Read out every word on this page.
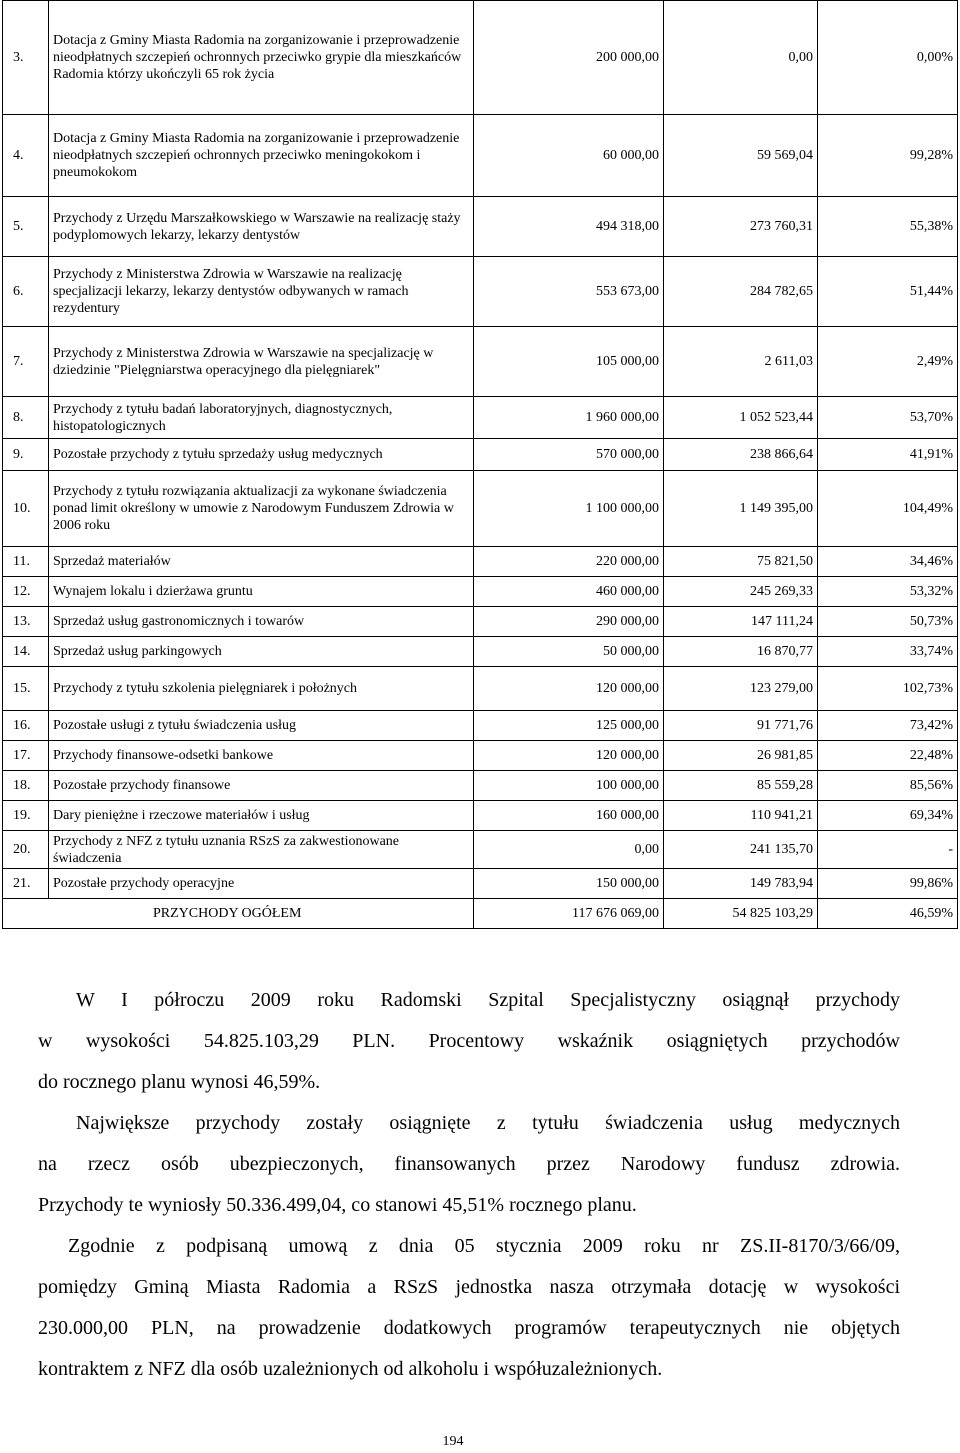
3.	Dotacja z Gminy Miasta Radomia na zorganizowanie i przeprowadzenie nieodpłatnych szczepień ochronnych przeciwko grypie dla mieszkańców Radomia którzy ukończyli 65 rok życia	200 000,00	0,00	0,00%
4.	Dotacja z Gminy Miasta Radomia na zorganizowanie i przeprowadzenie nieodpłatnych szczepień ochronnych przeciwko meningokokom i pneumokokom	60 000,00	59 569,04	99,28%
5.	Przychody z Urzędu Marszałkowskiego w Warszawie na realizację staży podyplomowych lekarzy, lekarzy dentystów	494 318,00	273 760,31	55,38%
6.	Przychody z Ministerstwa Zdrowia w Warszawie na realizację specjalizacji lekarzy, lekarzy dentystów odbywanych w ramach rezydentury	553 673,00	284 782,65	51,44%
7.	Przychody z Ministerstwa Zdrowia w Warszawie na specjalizację w dziedzinie "Pielęgniarstwa operacyjnego dla pielęgniarek"	105 000,00	2 611,03	2,49%
8.	Przychody z tytułu badań laboratoryjnych, diagnostycznych, histopatologicznych	1 960 000,00	1 052 523,44	53,70%
9.	Pozostałe przychody z tytułu sprzedaży usług medycznych	570 000,00	238 866,64	41,91%
10.	Przychody z tytułu rozwiązania aktualizacji za wykonane świadczenia ponad limit określony w umowie z Narodowym Funduszem Zdrowia w 2006 roku	1 100 000,00	1 149 395,00	104,49%
11.	Sprzedaż materiałów	220 000,00	75 821,50	34,46%
12.	Wynajem lokalu i dzierżawa gruntu	460 000,00	245 269,33	53,32%
13.	Sprzedaż usług gastronomicznych i towarów	290 000,00	147 111,24	50,73%
14.	Sprzedaż usług parkingowych	50 000,00	16 870,77	33,74%
15.	Przychody z tytułu szkolenia pielęgniarek i położnych	120 000,00	123 279,00	102,73%
16.	Pozostałe usługi z tytułu świadczenia usług	125 000,00	91 771,76	73,42%
17.	Przychody finansowe-odsetki bankowe	120 000,00	26 981,85	22,48%
18.	Pozostałe przychody finansowe	100 000,00	85 559,28	85,56%
19.	Dary pieniężne i rzeczowe materiałów i usług	160 000,00	110 941,21	69,34%
20.	Przychody z NFZ z tytułu uznania RSzS za zakwestionowane świadczenia	0,00	241 135,70	-
21.	Pozostałe przychody operacyjne	150 000,00	149 783,94	99,86%
PRZYCHODY OGÓŁEM		117 676 069,00	54 825 103,29	46,59%
W I półroczu 2009 roku Radomski Szpital Specjalistyczny osiągnął przychody
w wysokości 54.825.103,29 PLN. Procentowy wskaźnik osiągniętych przychodów
do rocznego planu wynosi 46,59%.
Największe przychody zostały osiągnięte z tytułu świadczenia usług medycznych
na rzecz osób ubezpieczonych, finansowanych przez Narodowy fundusz zdrowia.
Przychody te wyniosły 50.336.499,04, co stanowi 45,51% rocznego planu.
Zgodnie z podpisaną umową z dnia 05 stycznia 2009 roku nr ZS.II-8170/3/66/09,
pomiędzy Gminą Miasta Radomia a RSzS jednostka nasza otrzymała dotację w wysokości
230.000,00 PLN, na prowadzenie dodatkowych programów terapeutycznych nie objętych
kontraktem z NFZ dla osób uzależnionych od alkoholu i współuzależnionych.
194
